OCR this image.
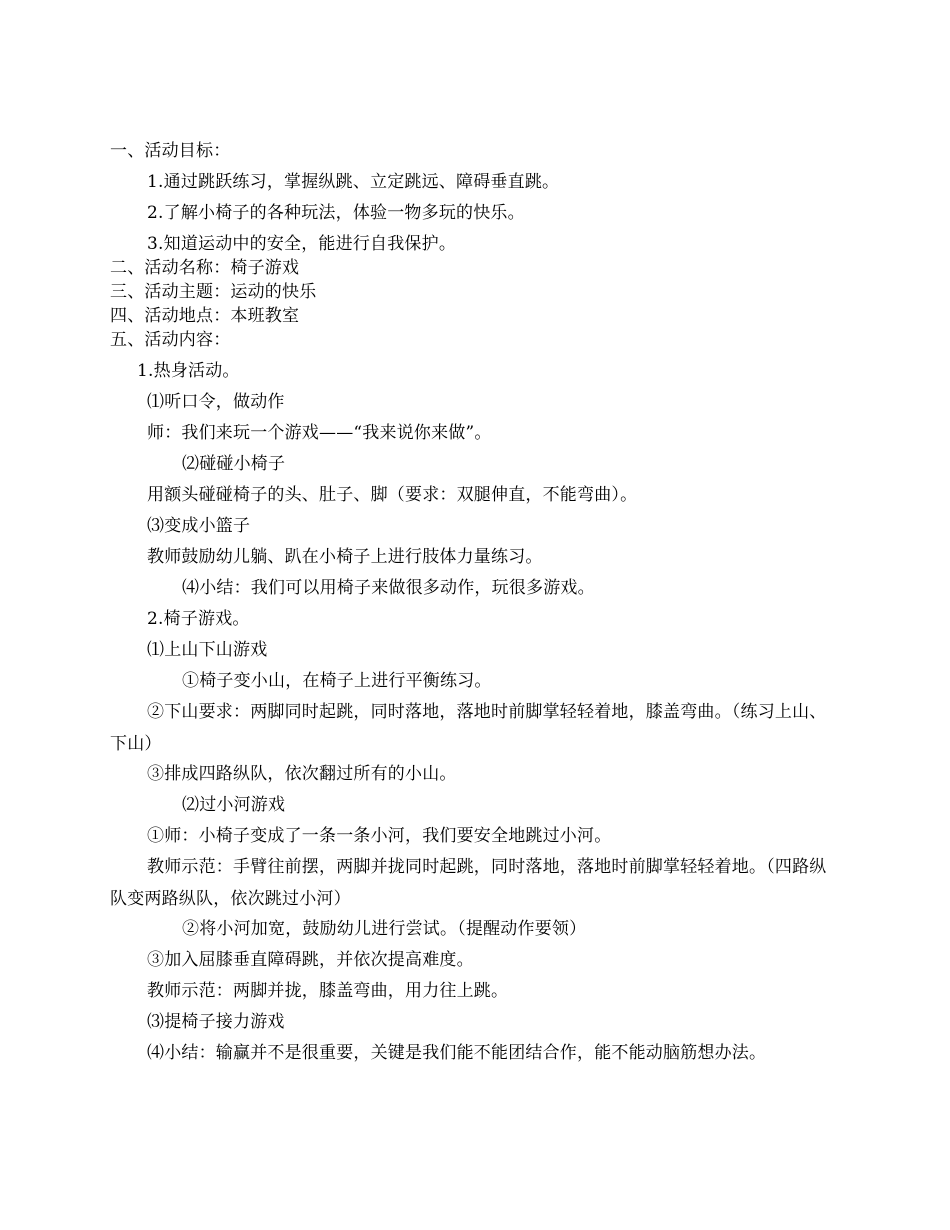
一、活动目标：
1.通过跳跃练习，掌握纵跳、立定跳远、障碍垂直跳。
2.了解小椅子的各种玩法，体验一物多玩的快乐。
3.知道运动中的安全，能进行自我保护。
二、活动名称：椅子游戏
三、活动主题：运动的快乐
四、活动地点：本班教室
五、活动内容：
1.热身活动。
⑴听口令，做动作
师：我们来玩一个游戏——“我来说你来做”。
⑵碰碰小椅子
用额头碰碰椅子的头、肚子、脚（要求：双腿伸直，不能弯曲）。
⑶变成小篮子
教师鼓励幼儿躺、趴在小椅子上进行肢体力量练习。
⑷小结：我们可以用椅子来做很多动作，玩很多游戏。
2.椅子游戏。
⑴上山下山游戏
①椅子变小山，在椅子上进行平衡练习。
②下山要求：两脚同时起跳，同时落地，落地时前脚掌轻轻着地，膝盖弯曲。（练习上山、下山）
③排成四路纵队，依次翻过所有的小山。
⑵过小河游戏
①师：小椅子变成了一条一条小河，我们要安全地跳过小河。
教师示范：手臂往前摆，两脚并拢同时起跳，同时落地，落地时前脚掌轻轻着地。（四路纵队变两路纵队，依次跳过小河）
②将小河加宽，鼓励幼儿进行尝试。（提醒动作要领）
③加入屈膝垂直障碍跳，并依次提高难度。
教师示范：两脚并拢，膝盖弯曲，用力往上跳。
⑶提椅子接力游戏
⑷小结：输赢并不是很重要，关键是我们能不能团结合作，能不能动脑筋想办法。
